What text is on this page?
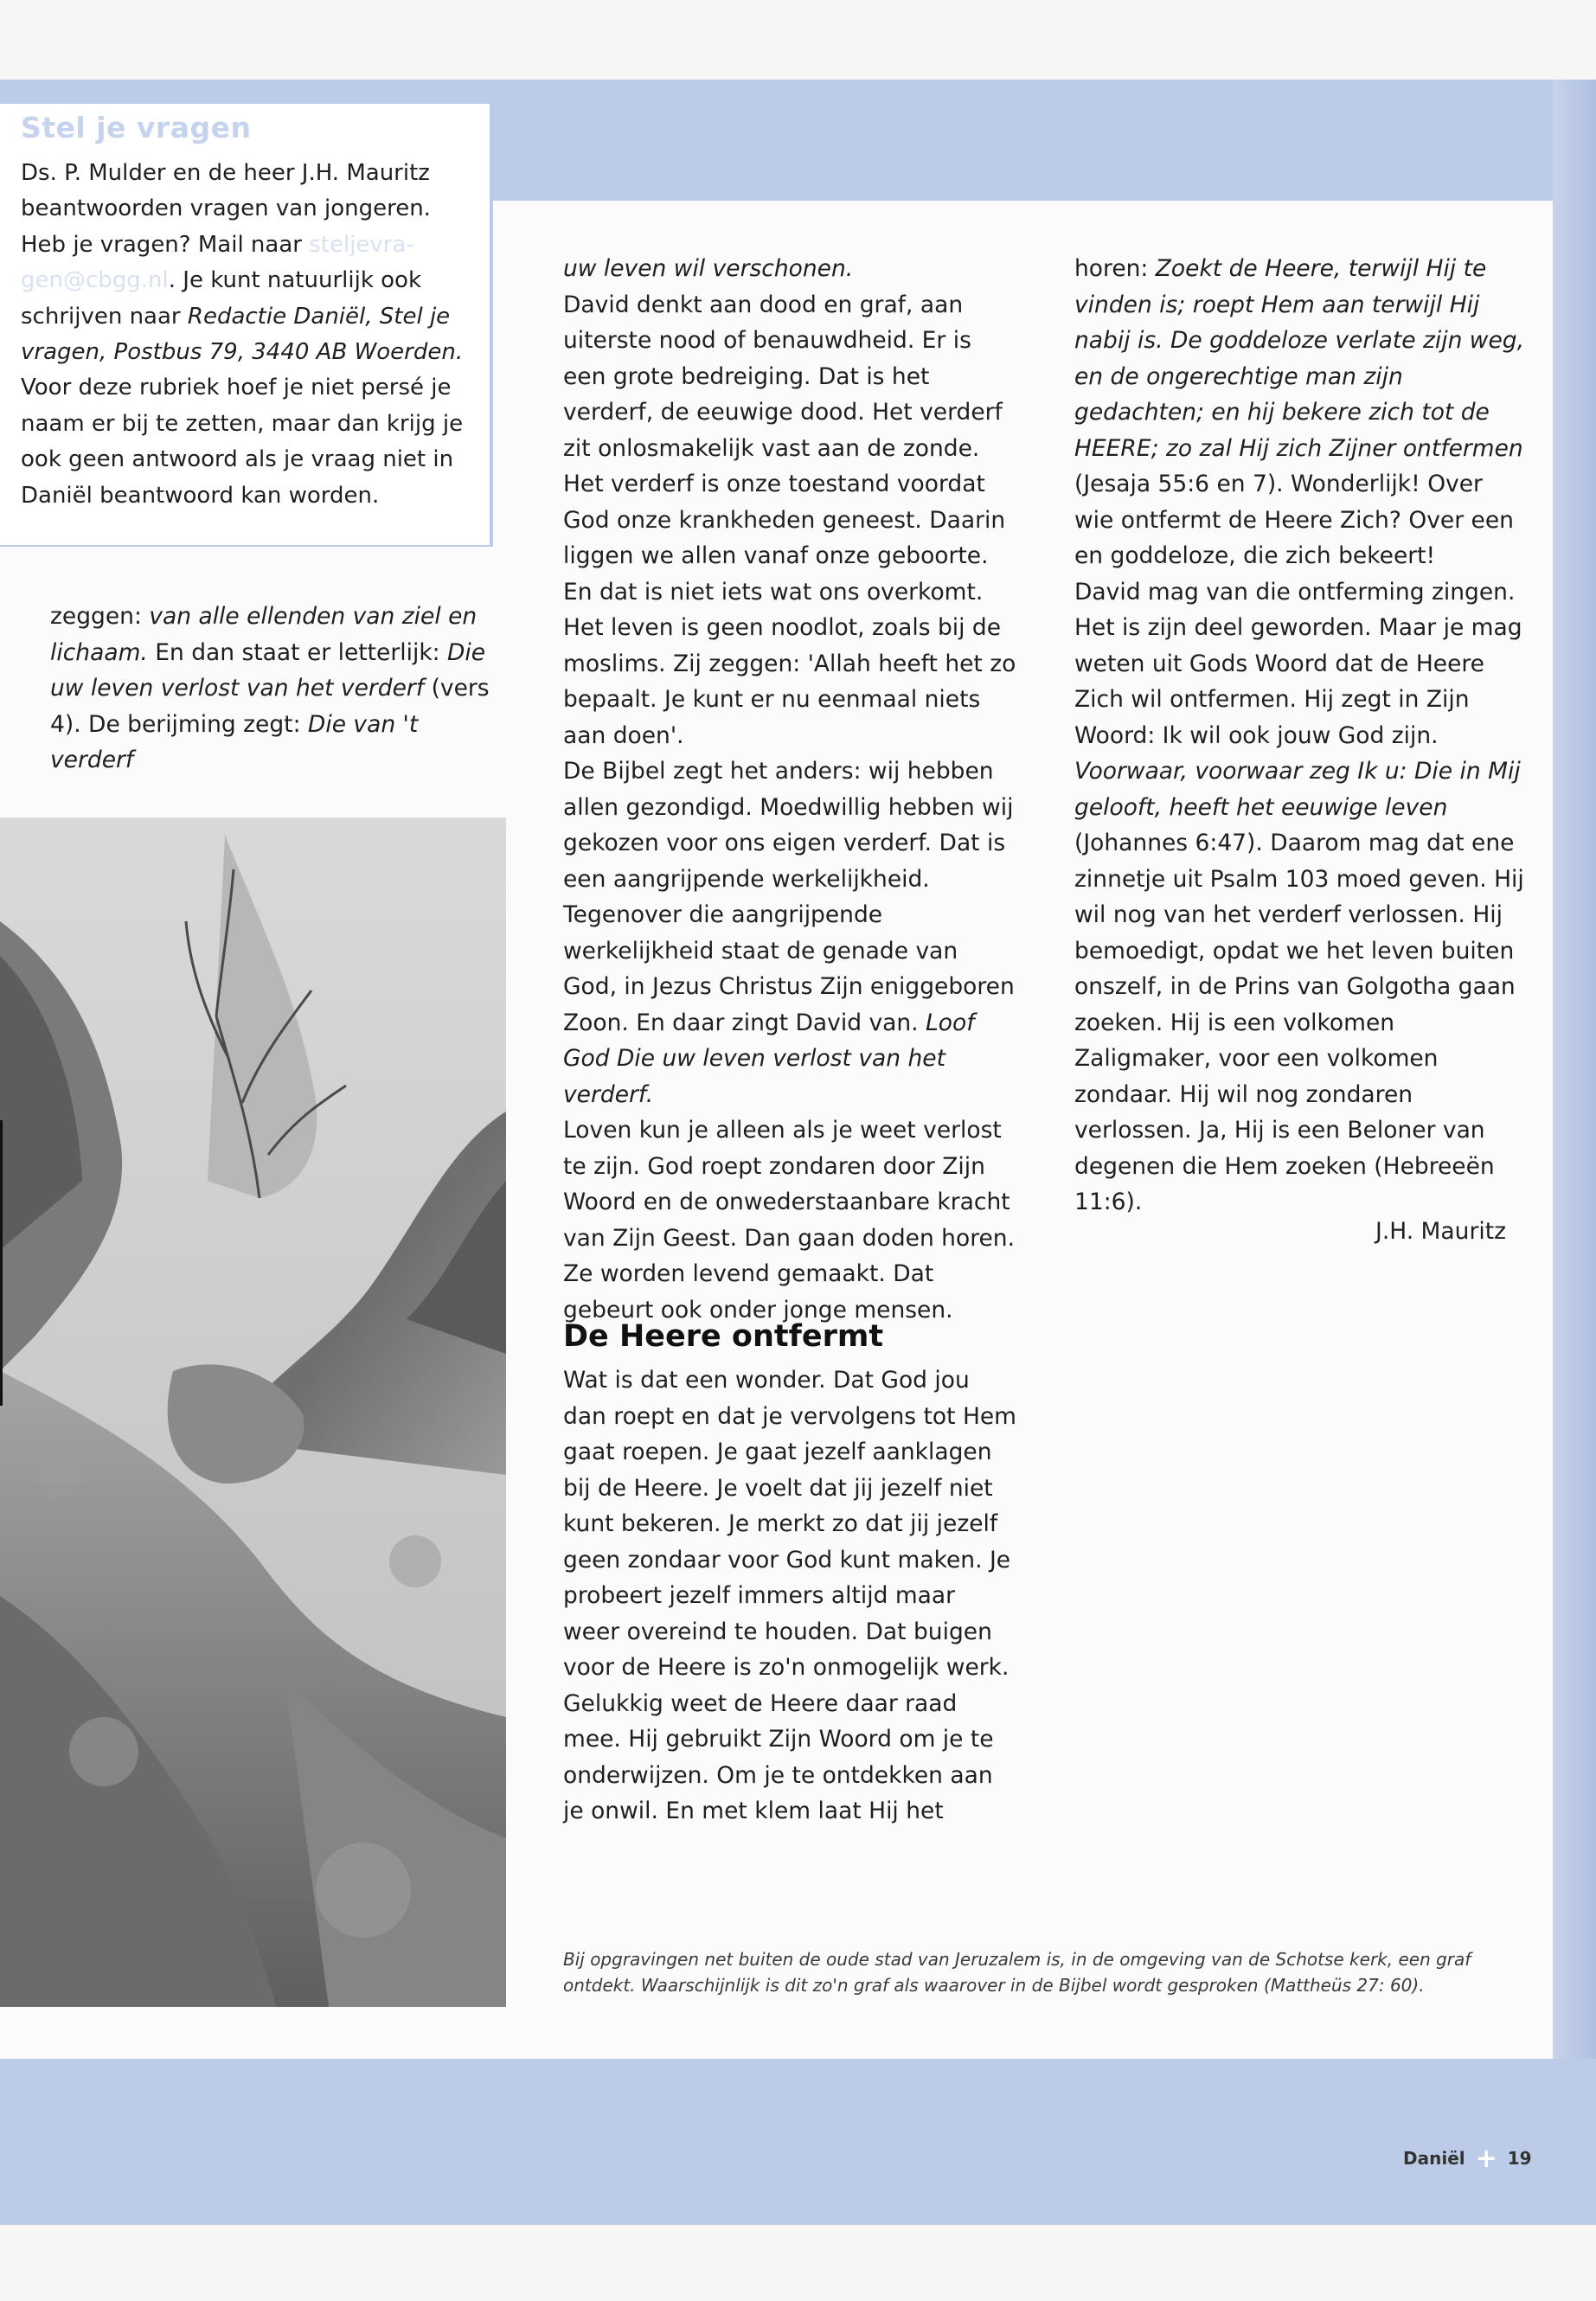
Stel je vragen
Ds. P. Mulder en de heer J.H. Mauritz beantwoorden vragen van jongeren. Heb je vragen? Mail naar steljevra-
gen@cbgg.nl. Je kunt natuurlijk ook schrijven naar Redactie Daniël, Stel je vragen, Postbus 79, 3440 AB Woerden. Voor deze rubriek hoef je niet persé je naam er bij te zetten, maar dan krijg je ook geen antwoord als je vraag niet in Daniël beantwoord kan worden.

zeggen: van alle ellenden van ziel en lichaam. En dan staat er letterlijk: Die uw leven verlost van het verderf (vers 4). De berijming zegt: Die van 't verderf

uw leven wil verschonen.

David denkt aan dood en graf, aan uiterste nood of benauwdheid. Er is een grote bedreiging. Dat is het verderf, de eeuwige dood. Het verderf zit onlosmakelijk vast aan de zonde. Het verderf is onze toestand voordat God onze krankheden geneest. Daarin liggen we allen vanaf onze geboorte. En dat is niet iets wat ons overkomt. Het leven is geen noodlot, zoals bij de moslims. Zij zeggen: 'Allah heeft het zo bepaalt. Je kunt er nu eenmaal niets aan doen'.

De Bijbel zegt het anders: wij hebben allen gezondigd. Moedwillig hebben wij gekozen voor ons eigen verderf. Dat is een aangrijpende werkelijkheid. Tegenover die aangrijpende werkelijkheid staat de genade van God, in Jezus Christus Zijn eniggeboren Zoon. En daar zingt David van. Loof God Die uw leven verlost van het verderf.

Loven kun je alleen als je weet verlost te zijn. God roept zondaren door Zijn Woord en de onwederstaanbare kracht van Zijn Geest. Dan gaan doden horen. Ze worden levend gemaakt. Dat gebeurt ook onder jonge mensen.

De Heere ontfermt

Wat is dat een wonder. Dat God jou dan roept en dat je vervolgens tot Hem gaat roepen. Je gaat jezelf aanklagen bij de Heere. Je voelt dat jij jezelf niet kunt bekeren. Je merkt zo dat jij jezelf geen zondaar voor God kunt maken. Je probeert jezelf immers altijd maar weer overeind te houden. Dat buigen voor de Heere is zo'n onmogelijk werk. Gelukkig weet de Heere daar raad mee. Hij gebruikt Zijn Woord om je te onderwijzen. Om je te ontdekken aan je onwil. En met klem laat Hij het

horen: Zoekt de Heere, terwijl Hij te vinden is; roept Hem aan terwijl Hij nabij is. De goddeloze verlate zijn weg, en de ongerechtige man zijn gedachten; en hij bekere zich tot de HEERE; zo zal Hij zich Zijner ontfermen (Jesaja 55:6 en 7). Wonderlijk! Over wie ontfermt de Heere Zich? Over een en goddeloze, die zich bekeert!

David mag van die ontferming zingen. Het is zijn deel geworden. Maar je mag weten uit Gods Woord dat de Heere Zich wil ontfermen. Hij zegt in Zijn Woord: Ik wil ook jouw God zijn. Voorwaar, voorwaar zeg Ik u: Die in Mij gelooft, heeft het eeuwige leven (Johannes 6:47). Daarom mag dat ene zinnetje uit Psalm 103 moed geven. Hij wil nog van het verderf verlossen. Hij bemoedigt, opdat we het leven buiten onszelf, in de Prins van Golgotha gaan zoeken. Hij is een volkomen Zaligmaker, voor een volkomen zondaar. Hij wil nog zondaren verlossen. Ja, Hij is een Beloner van degenen die Hem zoeken (Hebreeën 11:6).

J.H. Mauritz
Bij opgravingen net buiten de oude stad van Jeruzalem is, in de omgeving van de Schotse kerk, een graf ontdekt. Waarschijnlijk is dit zo'n graf als waarover in de Bijbel wordt gesproken (Mattheüs 27: 60).
Daniël + 19
